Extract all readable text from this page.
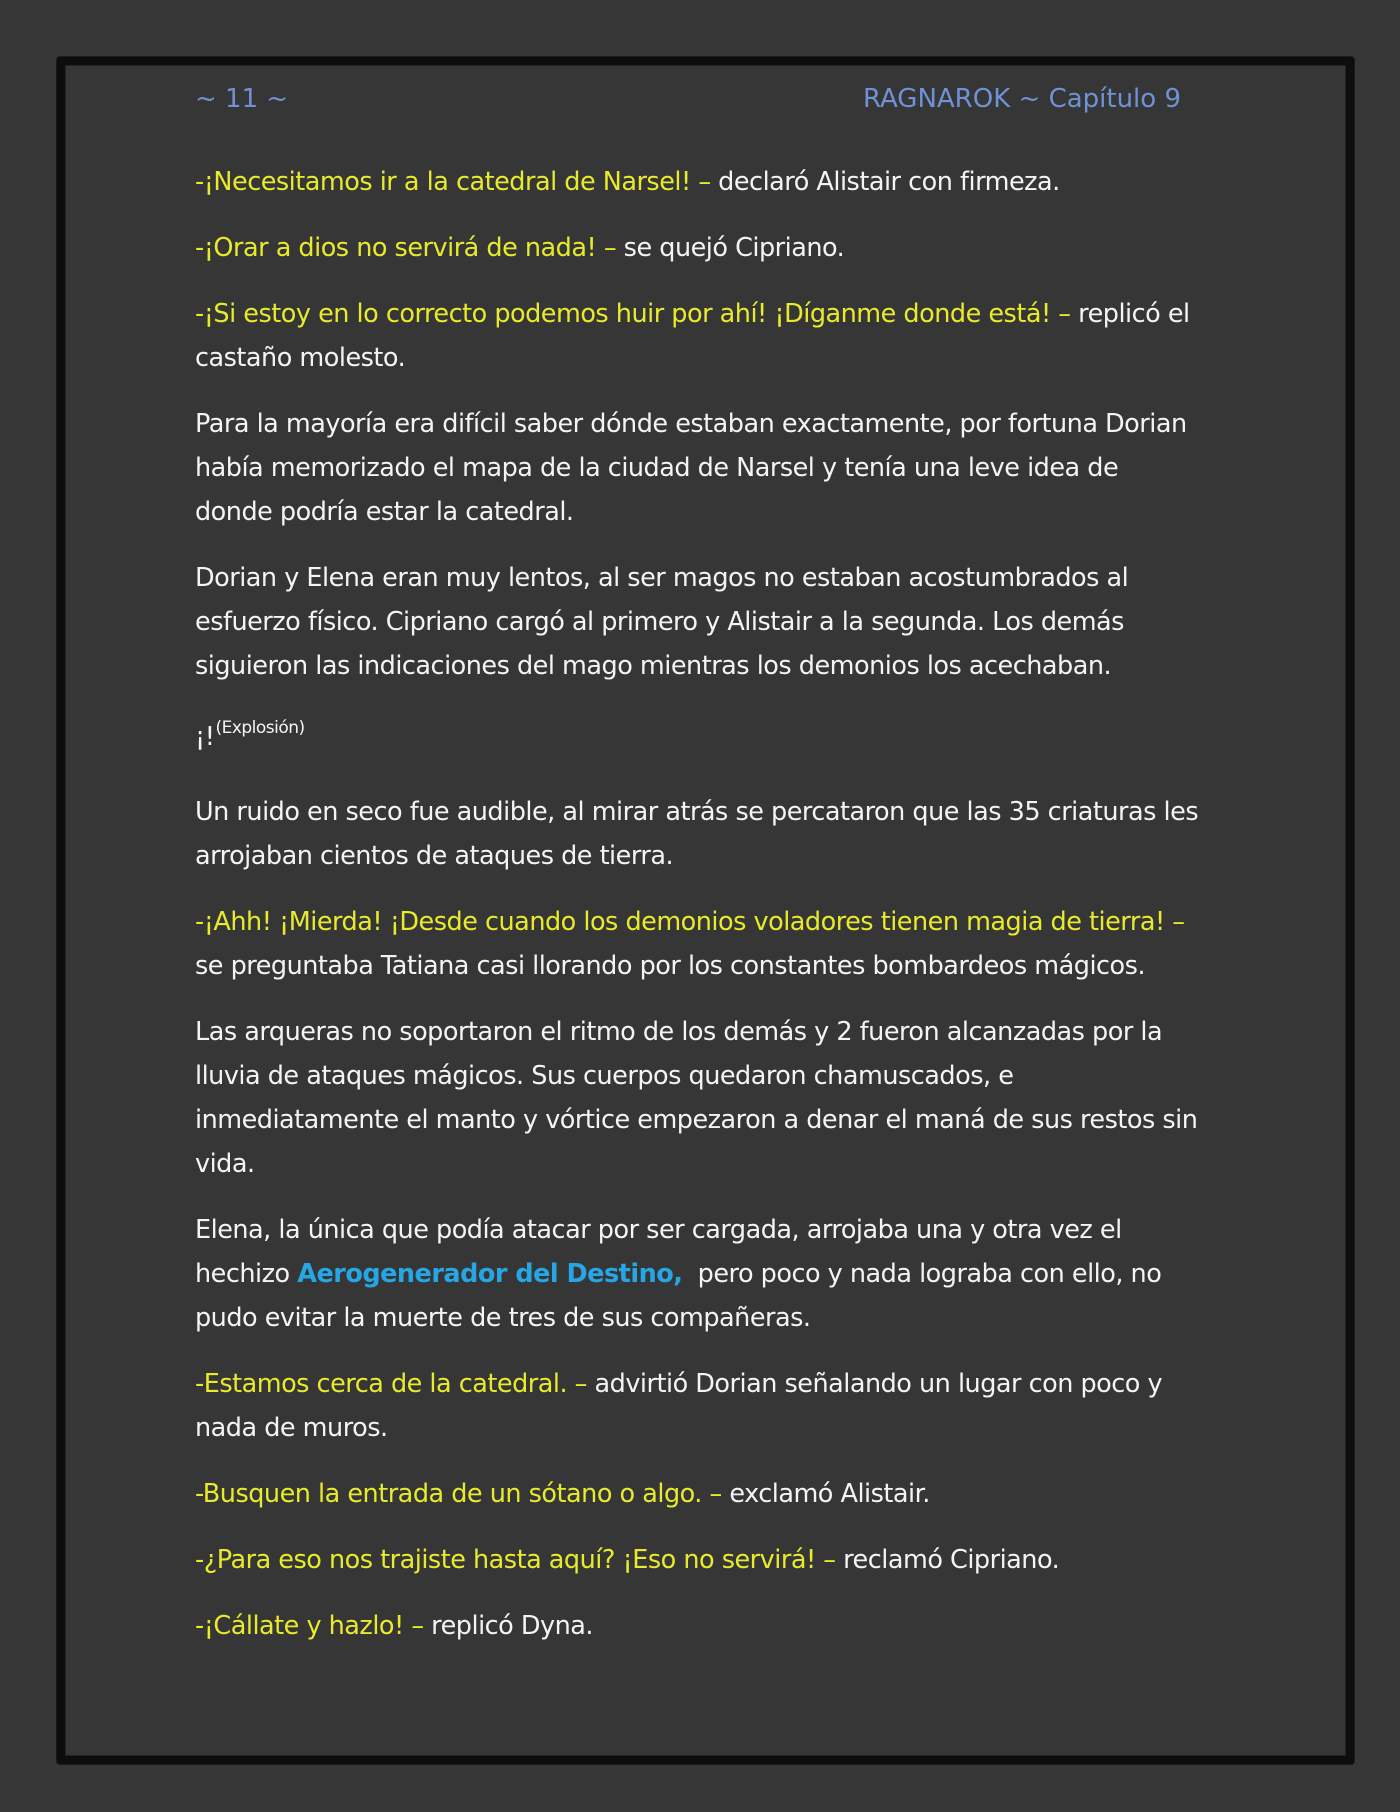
~ 11 ~	RAGNAROK ~ Capítulo 9

-¡Necesitamos ir a la catedral de Narsel! – declaró Alistair con firmeza.

-¡Orar a dios no servirá de nada! – se quejó Cipriano.

-¡Si estoy en lo correcto podemos huir por ahí! ¡Díganme donde está! – replicó el castaño molesto.

Para la mayoría era difícil saber dónde estaban exactamente, por fortuna Dorian había memorizado el mapa de la ciudad de Narsel y tenía una leve idea de donde podría estar la catedral.

Dorian y Elena eran muy lentos, al ser magos no estaban acostumbrados al esfuerzo físico. Cipriano cargó al primero y Alistair a la segunda. Los demás siguieron las indicaciones del mago mientras los demonios los acechaban.

¡!$^{(Explosión)}$

Un ruido en seco fue audible, al mirar atrás se percataron que las 35 criaturas les arrojaban cientos de ataques de tierra.

-¡Ahh! ¡Mierda! ¡Desde cuando los demonios voladores tienen magia de tierra! – se preguntaba Tatiana casi llorando por los constantes bombardeos mágicos.

Las arqueras no soportaron el ritmo de los demás y 2 fueron alcanzadas por la lluvia de ataques mágicos. Sus cuerpos quedaron chamuscados, e inmediatamente el manto y vórtice empezaron a denar el maná de sus restos sin vida.

Elena, la única que podía atacar por ser cargada, arrojaba una y otra vez el hechizo Aerogenerador del Destino,  pero poco y nada lograba con ello, no pudo evitar la muerte de tres de sus compañeras.

-Estamos cerca de la catedral. – advirtió Dorian señalando un lugar con poco y nada de muros.

-Busquen la entrada de un sótano o algo. – exclamó Alistair.

-¿Para eso nos trajiste hasta aquí? ¡Eso no servirá! – reclamó Cipriano.

-¡Cállate y hazlo! – replicó Dyna.
